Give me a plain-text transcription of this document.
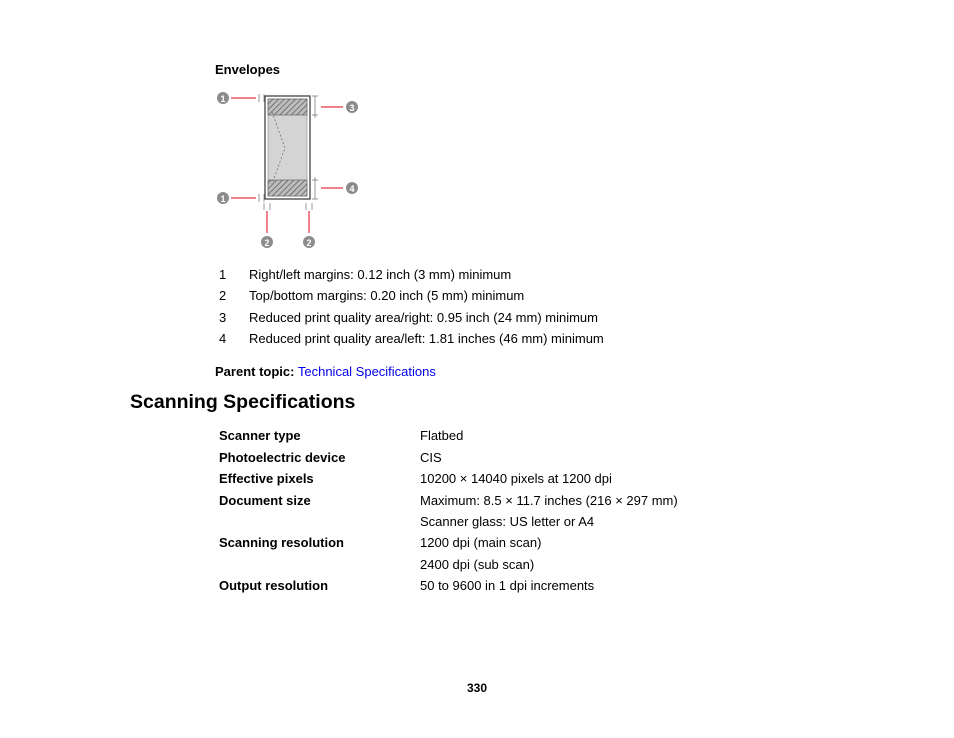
Envelopes
1
3
4
1
2	2
1 Right/left margins: 0.12 inch (3 mm) minimum
2 Top/bottom margins: 0.20 inch (5 mm) minimum
3 Reduced print quality area/right: 0.95 inch (24 mm) minimum
4 Reduced print quality area/left: 1.81 inches (46 mm) minimum
Parent topic: Technical Specifications
Scanning Specifications
Scanner type	Flatbed
Photoelectric device	CIS
Effective pixels	10200 × 14040 pixels at 1200 dpi
Document size	Maximum: 8.5 × 11.7 inches (216 × 297 mm)
Scanner glass: US letter or A4
Scanning resolution	1200 dpi (main scan)
2400 dpi (sub scan)
Output resolution	50 to 9600 in 1 dpi increments
330
